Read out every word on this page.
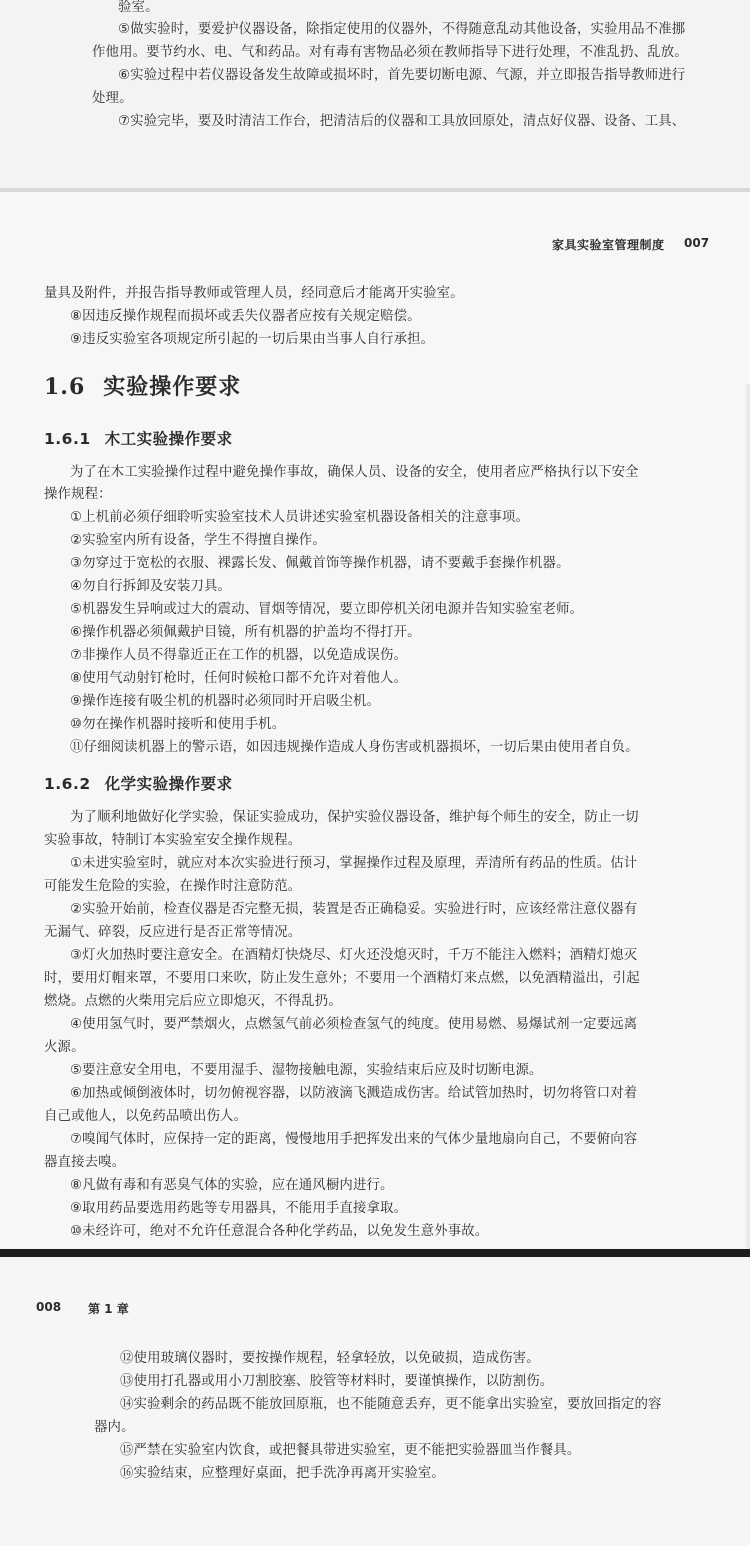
验室。
⑤做实验时，要爱护仪器设备，除指定使用的仪器外，不得随意乱动其他设备，实验用品不准挪
作他用。要节约水、电、气和药品。对有毒有害物品必须在教师指导下进行处理，不准乱扔、乱放。
⑥实验过程中若仪器设备发生故障或损坏时，首先要切断电源、气源，并立即报告指导教师进行
处理。
⑦实验完毕，要及时清洁工作台，把清洁后的仪器和工具放回原处，清点好仪器、设备、工具、
家具实验室管理制度 007
量具及附件，并报告指导教师或管理人员，经同意后才能离开实验室。
⑧因违反操作规程而损坏或丢失仪器者应按有关规定赔偿。
⑨违反实验室各项规定所引起的一切后果由当事人自行承担。
1.6 实验操作要求
1.6.1 木工实验操作要求
为了在木工实验操作过程中避免操作事故，确保人员、设备的安全，使用者应严格执行以下安全
操作规程：
①上机前必须仔细聆听实验室技术人员讲述实验室机器设备相关的注意事项。
②实验室内所有设备，学生不得擅自操作。
③勿穿过于宽松的衣服、裸露长发、佩戴首饰等操作机器，请不要戴手套操作机器。
④勿自行拆卸及安装刀具。
⑤机器发生异响或过大的震动、冒烟等情况，要立即停机关闭电源并告知实验室老师。
⑥操作机器必须佩戴护目镜，所有机器的护盖均不得打开。
⑦非操作人员不得靠近正在工作的机器，以免造成误伤。
⑧使用气动射钉枪时，任何时候枪口都不允许对着他人。
⑨操作连接有吸尘机的机器时必须同时开启吸尘机。
⑩勿在操作机器时接听和使用手机。
⑪仔细阅读机器上的警示语，如因违规操作造成人身伤害或机器损坏，一切后果由使用者自负。
1.6.2 化学实验操作要求
为了顺利地做好化学实验，保证实验成功，保护实验仪器设备，维护每个师生的安全，防止一切
实验事故，特制订本实验室安全操作规程。
①未进实验室时，就应对本次实验进行预习，掌握操作过程及原理，弄清所有药品的性质。估计
可能发生危险的实验，在操作时注意防范。
②实验开始前，检查仪器是否完整无损，装置是否正确稳妥。实验进行时，应该经常注意仪器有
无漏气、碎裂，反应进行是否正常等情况。
③灯火加热时要注意安全。在酒精灯快烧尽、灯火还没熄灭时，千万不能注入燃料；酒精灯熄灭
时，要用灯帽来罩，不要用口来吹，防止发生意外；不要用一个酒精灯来点燃，以免酒精溢出，引起
燃烧。点燃的火柴用完后应立即熄灭，不得乱扔。
④使用氢气时，要严禁烟火，点燃氢气前必须检查氢气的纯度。使用易燃、易爆试剂一定要远离
火源。
⑤要注意安全用电，不要用湿手、湿物接触电源，实验结束后应及时切断电源。
⑥加热或倾倒液体时，切勿俯视容器，以防液滴飞溅造成伤害。给试管加热时，切勿将管口对着
自己或他人，以免药品喷出伤人。
⑦嗅闻气体时，应保持一定的距离，慢慢地用手把挥发出来的气体少量地扇向自己，不要俯向容
器直接去嗅。
⑧凡做有毒和有恶臭气体的实验，应在通风橱内进行。
⑨取用药品要选用药匙等专用器具，不能用手直接拿取。
⑩未经许可，绝对不允许任意混合各种化学药品，以免发生意外事故。
008 第 1 章
⑫使用玻璃仪器时，要按操作规程，轻拿轻放，以免破损，造成伤害。
⑬使用打孔器或用小刀割胶塞、胶管等材料时，要谨慎操作，以防割伤。
⑭实验剩余的药品既不能放回原瓶，也不能随意丢弃，更不能拿出实验室，要放回指定的容
器内。
⑮严禁在实验室内饮食，或把餐具带进实验室，更不能把实验器皿当作餐具。
⑯实验结束，应整理好桌面，把手洗净再离开实验室。
